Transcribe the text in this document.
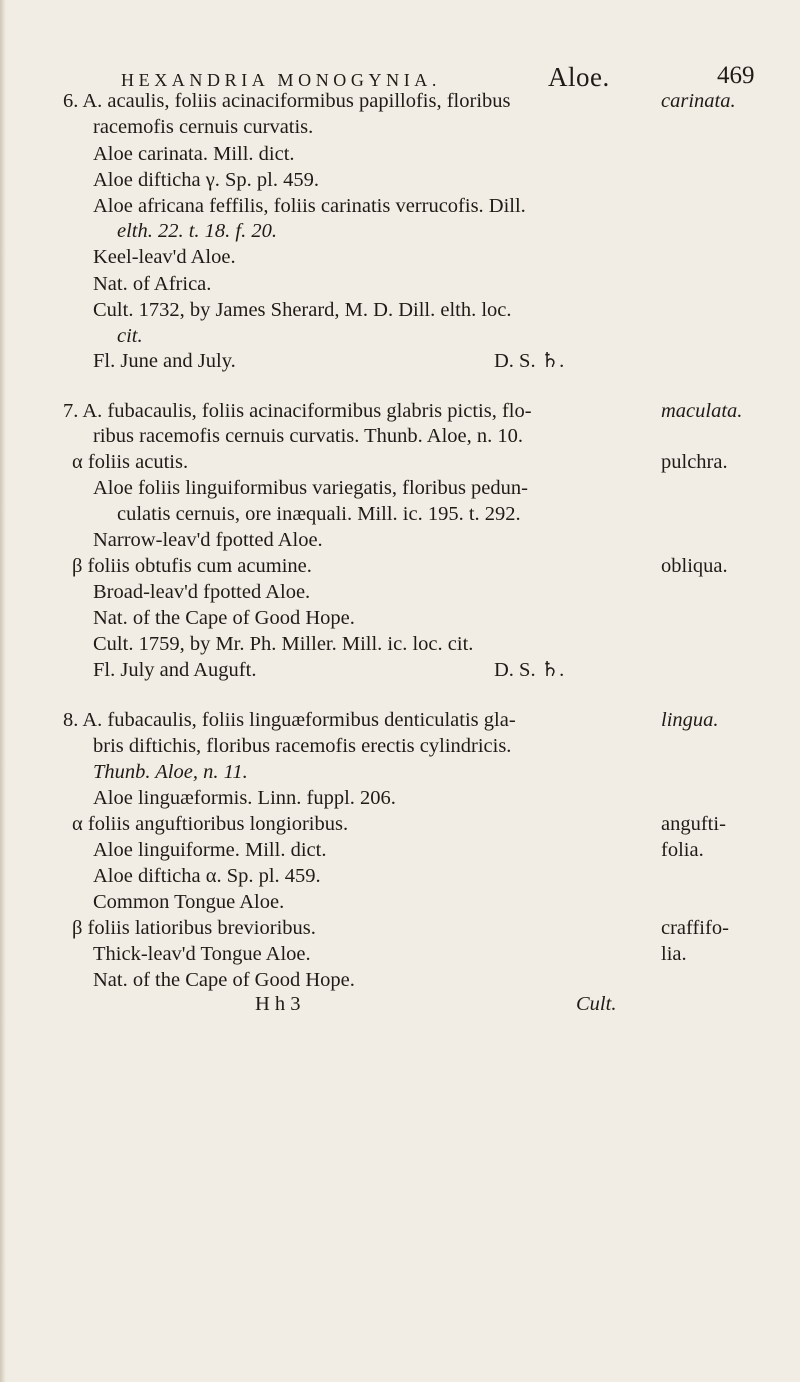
HEXANDRIA MONOGYNIA.	Aloe.	469
6. A. acaulis, foliis acinaciformibus papillofis, floribus
racemofis cernuis curvatis.
Aloe carinata. Mill. dict.
Aloe difticha γ. Sp. pl. 459.
Aloe africana feffilis, foliis carinatis verrucofis. Dill.
elth. 22. t. 18. f. 20.
Keel-leav'd Aloe.
Nat. of Africa.
Cult. 1732, by James Sherard, M. D. Dill. elth. loc.
cit.
Fl. June and July.	D. S. ♄.
carinata.
7. A. fubacaulis, foliis acinaciformibus glabris pictis, flo-
ribus racemofis cernuis curvatis. Thunb. Aloe, n. 10.
α foliis acutis.
Aloe foliis linguiformibus variegatis, floribus pedun-
culatis cernuis, ore inæquali. Mill. ic. 195. t. 292.
Narrow-leav'd fpotted Aloe.
β foliis obtufis cum acumine.
Broad-leav'd fpotted Aloe.
Nat. of the Cape of Good Hope.
Cult. 1759, by Mr. Ph. Miller. Mill. ic. loc. cit.
Fl. July and Auguft.	D. S. ♄.
maculata.
pulchra.
obliqua.
8. A. fubacaulis, foliis linguæformibus denticulatis gla-
bris diftichis, floribus racemofis erectis cylindricis.
Thunb. Aloe, n. 11.
Aloe linguæformis. Linn. fuppl. 206.
α foliis anguftioribus longioribus.
Aloe linguiforme. Mill. dict.
Aloe difticha α. Sp. pl. 459.
Common Tongue Aloe.
β foliis latioribus brevioribus.
Thick-leav'd Tongue Aloe.
Nat. of the Cape of Good Hope.
lingua.
angufti-
folia.
craffifo-
lia.
H h 3	Cult.
